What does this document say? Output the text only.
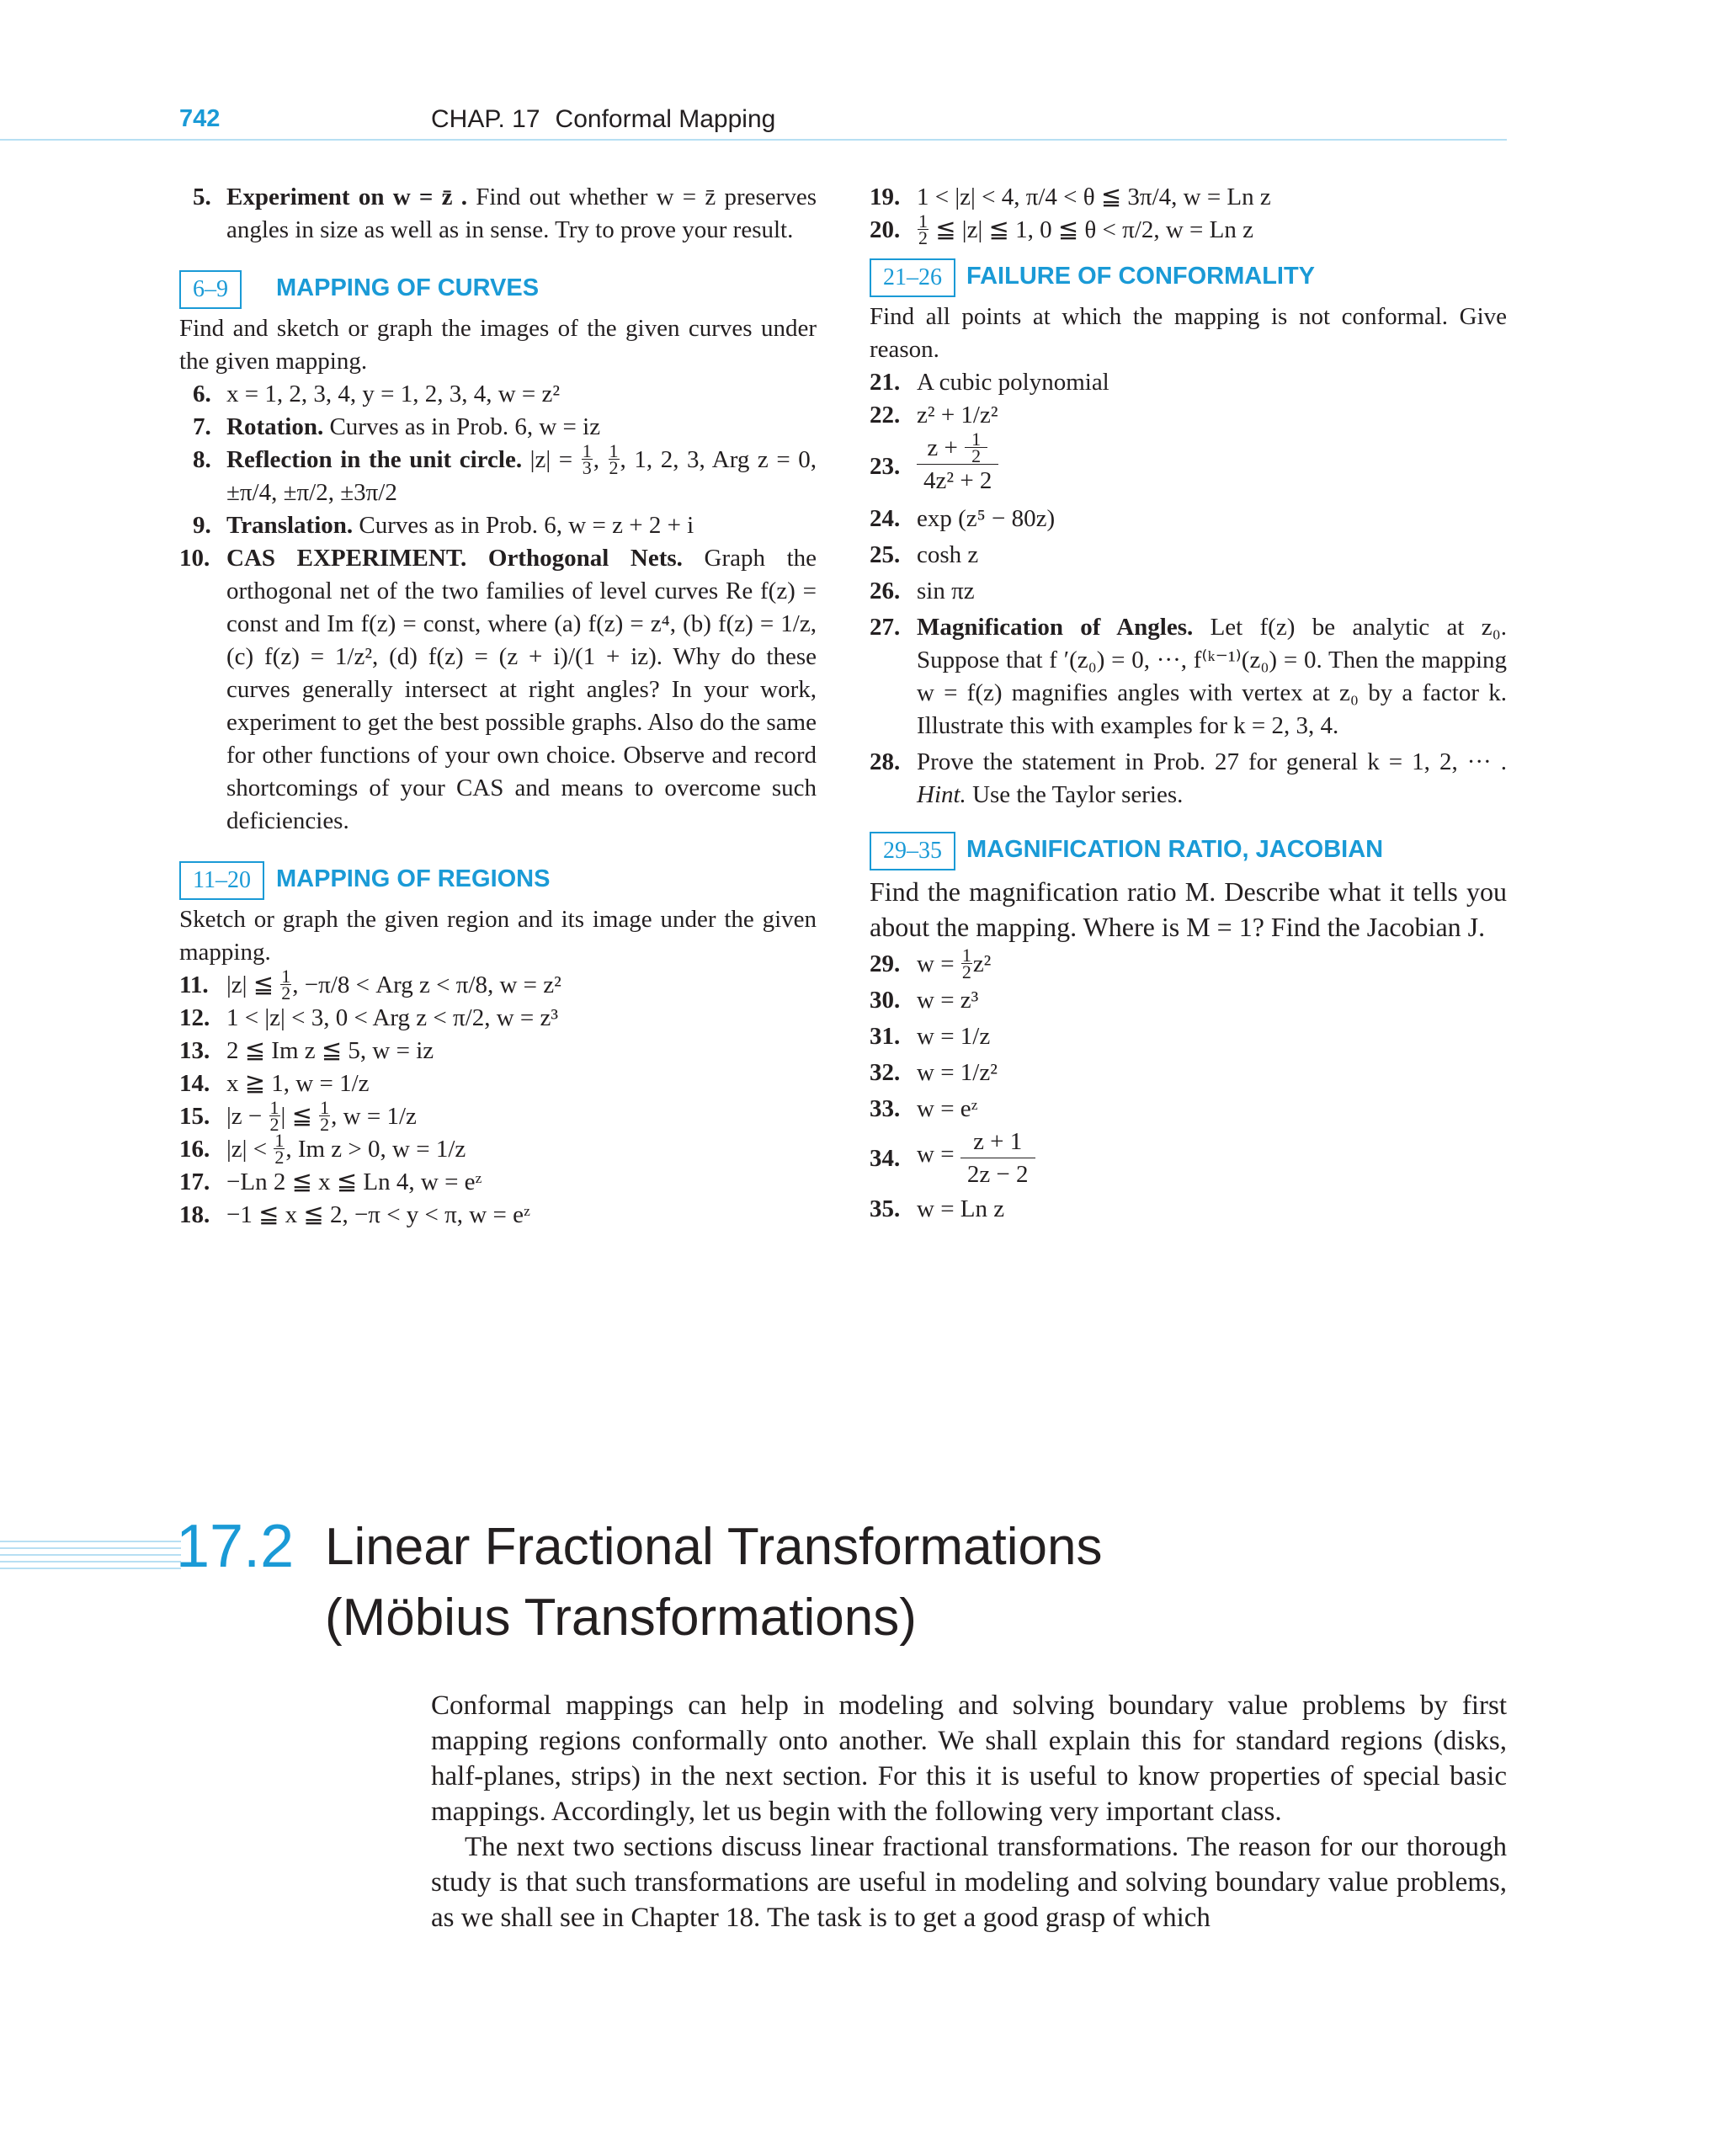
742	CHAP. 17 Conformal Mapping
5. Experiment on w = z̄ . Find out whether w = z̄ preserves angles in size as well as in sense. Try to prove your result.
6–9	MAPPING OF CURVES

Find and sketch or graph the images of the given curves under the given mapping.

6. x = 1, 2, 3, 4, y = 1, 2, 3, 4, w = z²
7. Rotation. Curves as in Prob. 6, w = iz
8. Reflection in the unit circle. $|z| = \frac{1}{3}$ , $\frac{1}{2}$ , 1, 2, 3, Arg z = 0, ±π/4, ±π/2, ±3π/2
9. Translation. Curves as in Prob. 6, w = z + 2 + i
10. CAS EXPERIMENT. Orthogonal Nets. Graph the orthogonal net of the two families of level curves Re f(z) = const and Im f(z) = const, where (a) f(z) = z⁴, (b) f(z) = 1/z, (c) f(z) = 1/z², (d) f(z) = (z + i)/(1 + iz). Why do these curves generally intersect at right angles? In your work, experiment to get the best possible graphs. Also do the same for other functions of your own choice. Observe and record shortcomings of your CAS and means to overcome such deficiencies.
11–20	MAPPING OF REGIONS

Sketch or graph the given region and its image under the given mapping.

11. |z| ≦ $\frac{1}{2}$ , −π/8 < Arg z < π/8, w = z²
12. 1 < |z| < 3, 0 < Arg z < π/2, w = z³
13. 2 ≦ Im z ≦ 5, w = iz
14. x ≧ 1, w = 1/z
15. $|z - \frac{1}{2}$ | ≦ $\frac{1}{2}$ , w = 1/z
16. $|z| < \frac{1}{2}$ , Im z > 0, w = 1/z
17. −Ln 2 ≦ x ≦ Ln 4, w = eᶻ
18. −1 ≦ x ≦ 2, −π < y < π, w = eᶻ
19. 1 < |z| < 4, π/4 < θ ≦ 3π/4, w = Ln z
20. $\frac{1}{2}$ ≦ |z| ≦ 1, 0 ≦ θ < π/2, w = Ln z
21–26	FAILURE OF CONFORMALITY

Find all points at which the mapping is not conformal. Give reason.

21. A cubic polynomial
22. z² + 1/z²
23. $\frac{z + \frac{1}{2}}{\text{4z² + 2}}$
24. exp (z⁵ − 80z)
25. cosh z
26. sin πz
27. Magnification of Angles. Let f(z) be analytic at z₀. Suppose that f ′(z₀) = 0, ···, f⁽ᵏ⁻¹⁾(z₀) = 0. Then the mapping w = f(z) magnifies angles with vertex at z₀ by a factor k. Illustrate this with examples for k = 2, 3, 4.
28. Prove the statement in Prob. 27 for general k = 1, 2, ··· . Hint. Use the Taylor series.
29–35	MAGNIFICATION RATIO, JACOBIAN

Find the magnification ratio M. Describe what it tells you about the mapping. Where is M = 1? Find the Jacobian J.

29. $w = \frac{1}{2} z^2$
30. w = z³
31. w = 1/z
32. w = 1/z²
33. w = eᶻ
34. $w = \frac{z + 1}{2z - 2}$
35. w = Ln z
17.2 Linear Fractional Transformations
(Möbius Transformations)

Conformal mappings can help in modeling and solving boundary value problems by first mapping regions conformally onto another. We shall explain this for standard regions (disks, half-planes, strips) in the next section. For this it is useful to know properties of special basic mappings. Accordingly, let us begin with the following very important class.

The next two sections discuss linear fractional transformations. The reason for our thorough study is that such transformations are useful in modeling and solving boundary value problems, as we shall see in Chapter 18. The task is to get a good grasp of which
